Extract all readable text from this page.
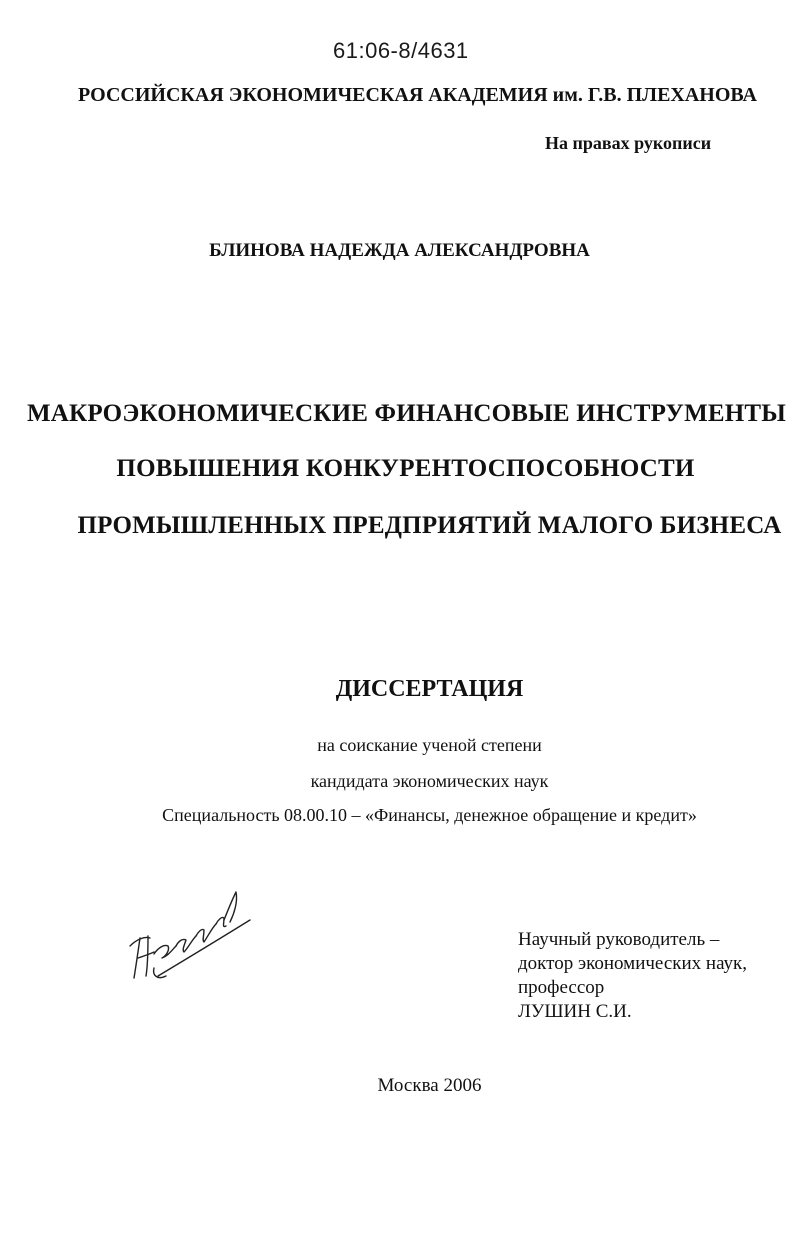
61:06-8/4631
РОССИЙСКАЯ ЭКОНОМИЧЕСКАЯ АКАДЕМИЯ им. Г.В. ПЛЕХАНОВА
На правах рукописи
БЛИНОВА НАДЕЖДА АЛЕКСАНДРОВНА
МАКРОЭКОНОМИЧЕСКИЕ ФИНАНСОВЫЕ ИНСТРУМЕНТЫ
ПОВЫШЕНИЯ КОНКУРЕНТОСПОСОБНОСТИ
ПРОМЫШЛЕННЫХ ПРЕДПРИЯТИЙ МАЛОГО БИЗНЕСА
ДИССЕРТАЦИЯ
на соискание ученой степени
кандидата экономических наук
Специальность 08.00.10 – «Финансы, денежное обращение и кредит»
Научный руководитель –
доктор экономических наук,
профессор
ЛУШИН С.И.
Москва 2006
